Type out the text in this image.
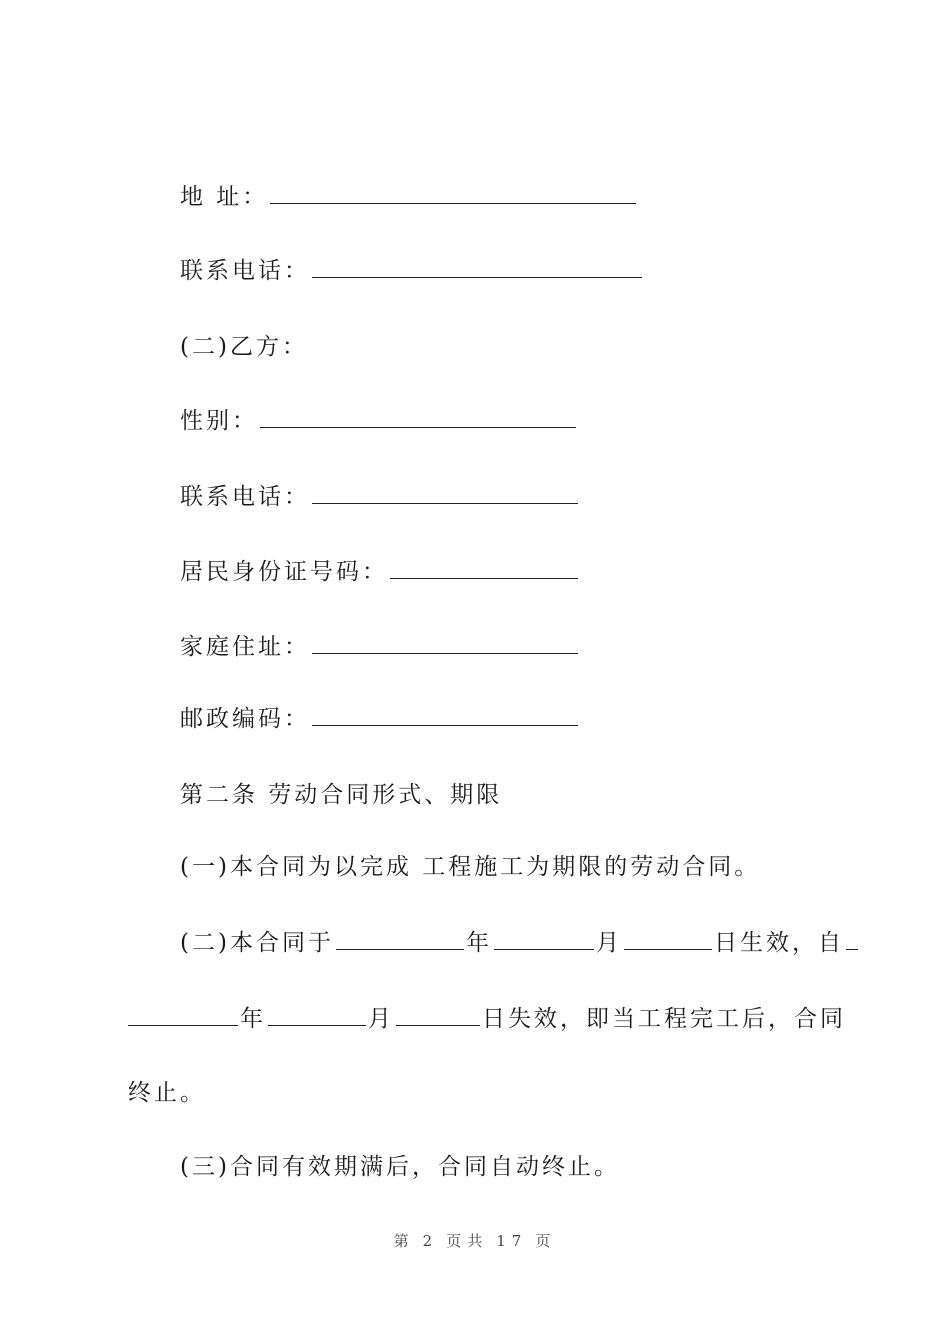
地 址：
联系电话：
(二)乙方：
性别：
联系电话：
居民身份证号码：
家庭住址：
邮政编码：
第二条 劳动合同形式、期限
(一)本合同为以完成 工程施工为期限的劳动合同。
(二)本合同于	年	月	日生效，自
年	月	日失效，即当工程完工后，合同
终止。
(三)合同有效期满后，合同自动终止。
第 2 页共 17 页
